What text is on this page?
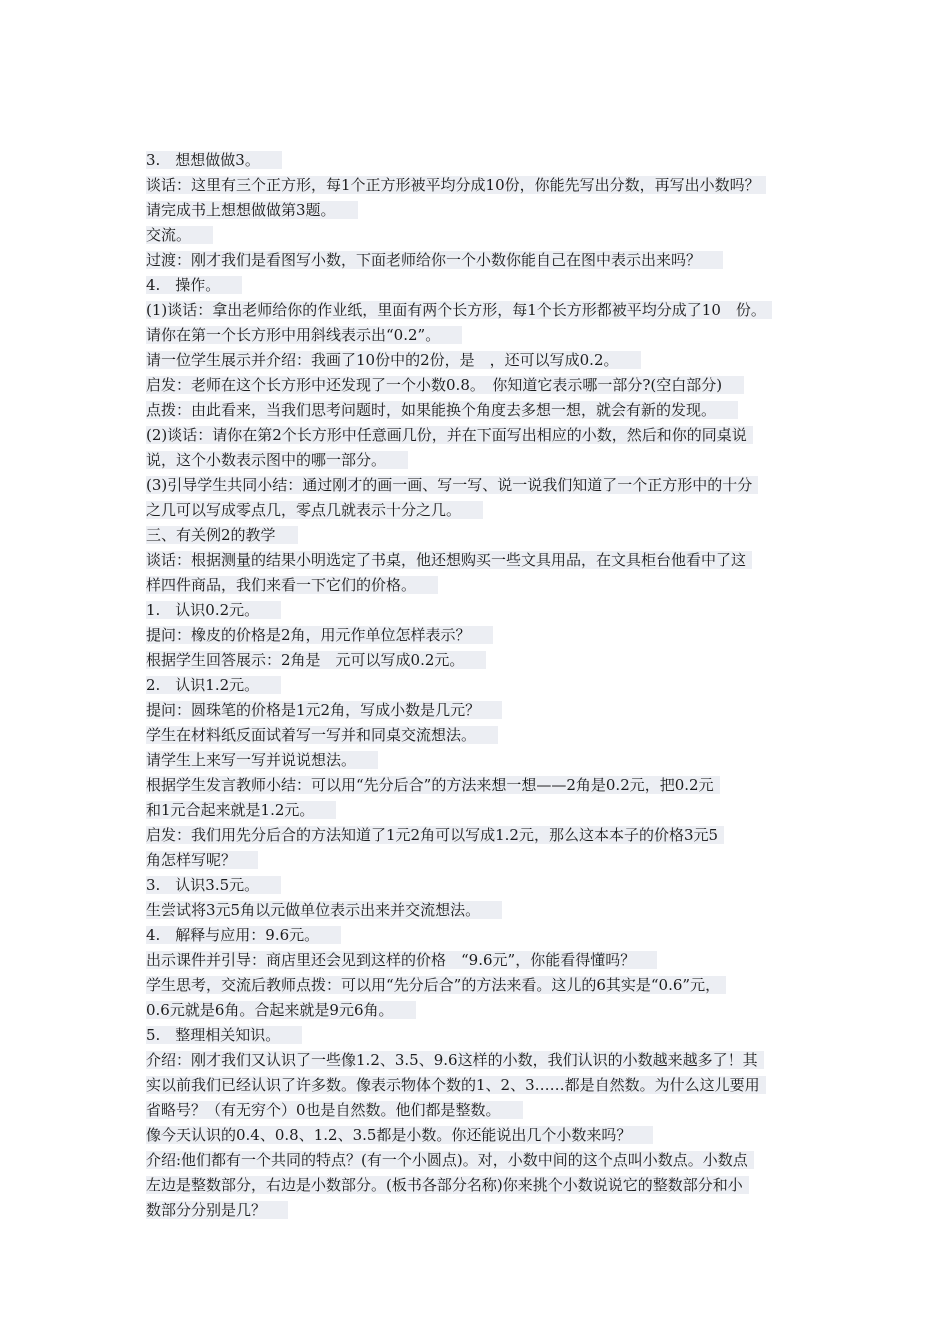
3.　想想做做3。
谈话：这里有三个正方形，每1个正方形被平均分成10份，你能先写出分数，再写出小数吗？
请完成书上想想做做第3题。
交流。
过渡：刚才我们是看图写小数，下面老师给你一个小数你能自己在图中表示出来吗？
4.　操作。
(1)谈话：拿出老师给你的作业纸，里面有两个长方形，每1个长方形都被平均分成了10　份。
请你在第一个长方形中用斜线表示出“0.2”。
请一位学生展示并介绍：我画了10份中的2份，是　，还可以写成0.2。
启发：老师在这个长方形中还发现了一个小数0.8。　你知道它表示哪一部分?(空白部分)
点拨：由此看来，当我们思考问题时，如果能换个角度去多想一想，就会有新的发现。
(2)谈话：请你在第2个长方形中任意画几份，并在下面写出相应的小数，然后和你的同桌说
说，这个小数表示图中的哪一部分。
(3)引导学生共同小结：通过刚才的画一画、写一写、说一说我们知道了一个正方形中的十分
之几可以写成零点几，零点几就表示十分之几。
三、有关例2的教学
谈话：根据测量的结果小明选定了书桌，他还想购买一些文具用品，在文具柜台他看中了这
样四件商品，我们来看一下它们的价格。
1.　认识0.2元。
提问：橡皮的价格是2角，用元作单位怎样表示？
根据学生回答展示：2角是　元可以写成0.2元。
2.　认识1.2元。
提问：圆珠笔的价格是1元2角，写成小数是几元？
学生在材料纸反面试着写一写并和同桌交流想法。
请学生上来写一写并说说想法。
根据学生发言教师小结：可以用“先分后合”的方法来想一想——2角是0.2元，把0.2元
和1元合起来就是1.2元。
启发：我们用先分后合的方法知道了1元2角可以写成1.2元，那么这本本子的价格3元5
角怎样写呢？
3.　认识3.5元。
生尝试将3元5角以元做单位表示出来并交流想法。
4.　解释与应用：9.6元。
出示课件并引导：商店里还会见到这样的价格　“9.6元”，你能看得懂吗？
学生思考，交流后教师点拨：可以用“先分后合”的方法来看。这儿的6其实是“0.6”元，
0.6元就是6角。合起来就是9元6角。
5.　整理相关知识。
介绍：刚才我们又认识了一些像1.2、3.5、9.6这样的小数，我们认识的小数越来越多了！其
实以前我们已经认识了许多数。像表示物体个数的1、2、3……都是自然数。为什么这儿要用
省略号？（有无穷个）0也是自然数。他们都是整数。
像今天认识的0.4、0.8、1.2、3.5都是小数。你还能说出几个小数来吗？
介绍:他们都有一个共同的特点？(有一个小圆点)。对，小数中间的这个点叫小数点。小数点
左边是整数部分，右边是小数部分。(板书各部分名称)你来挑个小数说说它的整数部分和小
数部分分别是几？
